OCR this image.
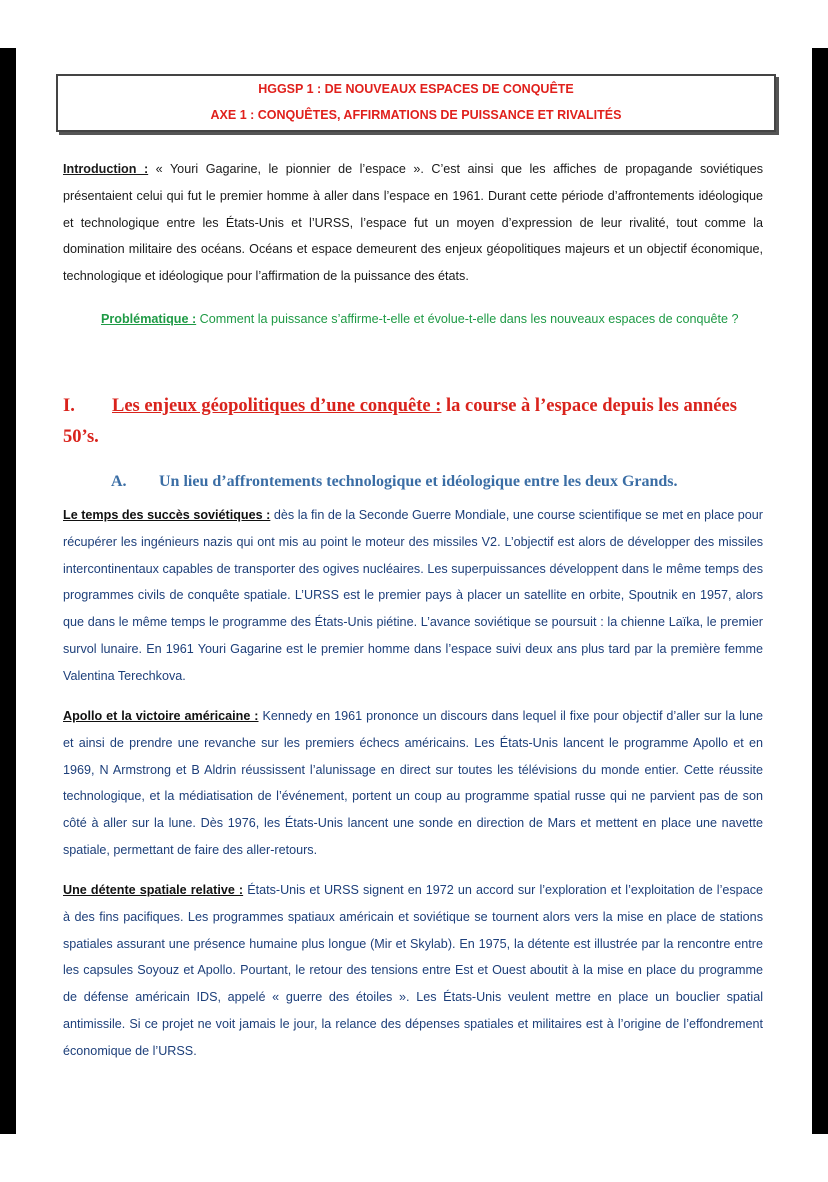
HGGSP 1 : DE NOUVEAUX ESPACES DE CONQUÊTE
AXE 1 : CONQUÊTES, AFFIRMATIONS DE PUISSANCE ET RIVALITÉS
Introduction : « Youri Gagarine, le pionnier de l’espace ». C’est ainsi que les affiches de propagande soviétiques présentaient celui qui fut le premier homme à aller dans l’espace en 1961. Durant cette période d’affrontements idéologique et technologique entre les États-Unis et l’URSS, l’espace fut un moyen d’expression de leur rivalité, tout comme la domination militaire des océans. Océans et espace demeurent des enjeux géopolitiques majeurs et un objectif économique, technologique et idéologique pour l’affirmation de la puissance des états.
Problématique : Comment la puissance s’affirme-t-elle et évolue-t-elle dans les nouveaux espaces de conquête ?
I. Les enjeux géopolitiques d’une conquête : la course à l’espace depuis les années 50’s.
A. Un lieu d’affrontements technologique et idéologique entre les deux Grands.
Le temps des succès soviétiques : dès la fin de la Seconde Guerre Mondiale, une course scientifique se met en place pour récupérer les ingénieurs nazis qui ont mis au point le moteur des missiles V2. L’objectif est alors de développer des missiles intercontinentaux capables de transporter des ogives nucléaires. Les superpuissances développent dans le même temps des programmes civils de conquête spatiale. L’URSS est le premier pays à placer un satellite en orbite, Spoutnik en 1957, alors que dans le même temps le programme des États-Unis piétine. L’avance soviétique se poursuit : la chienne Laïka, le premier survol lunaire. En 1961 Youri Gagarine est le premier homme dans l’espace suivi deux ans plus tard par la première femme Valentina Terechkova.
Apollo et la victoire américaine : Kennedy en 1961 prononce un discours dans lequel il fixe pour objectif d’aller sur la lune et ainsi de prendre une revanche sur les premiers échecs américains. Les États-Unis lancent le programme Apollo et en 1969, N Armstrong et B Aldrin réussissent l’alunissage en direct sur toutes les télévisions du monde entier. Cette réussite technologique, et la médiatisation de l’événement, portent un coup au programme spatial russe qui ne parvient pas de son côté à aller sur la lune. Dès 1976, les États-Unis lancent une sonde en direction de Mars et mettent en place une navette spatiale, permettant de faire des aller-retours.
Une détente spatiale relative : États-Unis et URSS signent en 1972 un accord sur l’exploration et l’exploitation de l’espace à des fins pacifiques. Les programmes spatiaux américain et soviétique se tournent alors vers la mise en place de stations spatiales assurant une présence humaine plus longue (Mir et Skylab). En 1975, la détente est illustrée par la rencontre entre les capsules Soyouz et Apollo. Pourtant, le retour des tensions entre Est et Ouest aboutit à la mise en place du programme de défense américain IDS, appelé « guerre des étoiles ». Les États-Unis veulent mettre en place un bouclier spatial antimissile. Si ce projet ne voit jamais le jour, la relance des dépenses spatiales et militaires est à l’origine de l’effondrement économique de l’URSS.
